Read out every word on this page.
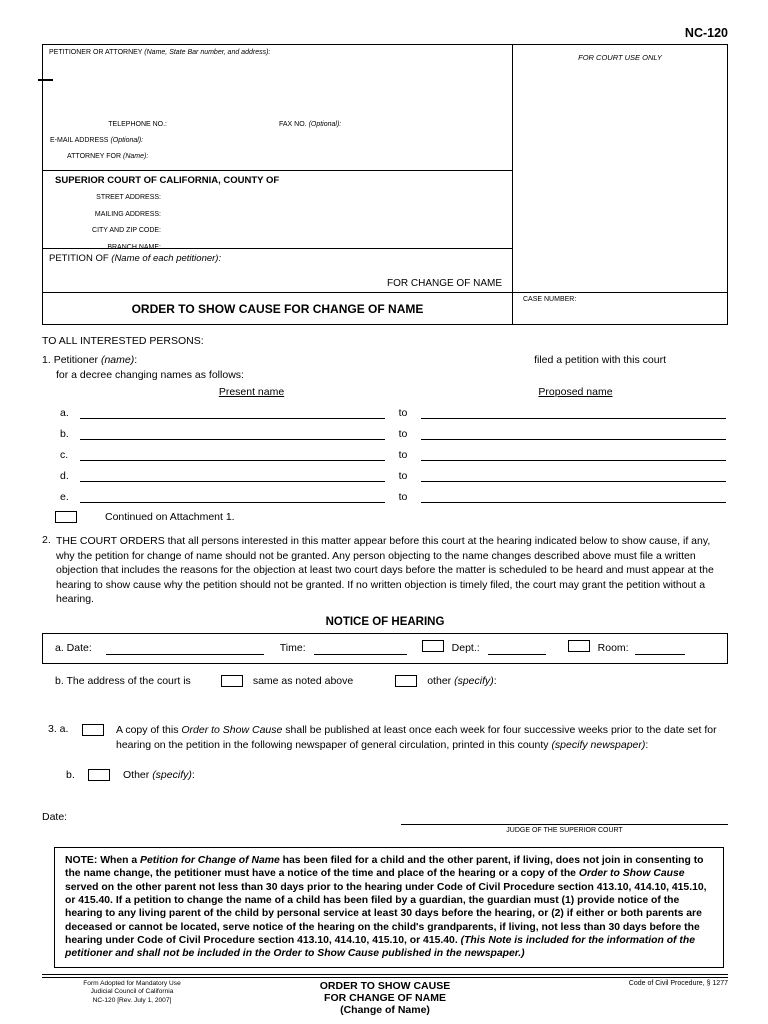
NC-120
PETITIONER OR ATTORNEY (Name, State Bar number, and address):
TELEPHONE NO.:	FAX NO. (Optional):
E-MAIL ADDRESS (Optional):
ATTORNEY FOR (Name):
SUPERIOR COURT OF CALIFORNIA, COUNTY OF
STREET ADDRESS:
MAILING ADDRESS:
CITY AND ZIP CODE:
BRANCH NAME:
PETITION OF (Name of each petitioner):
FOR CHANGE OF NAME
ORDER TO SHOW CAUSE FOR CHANGE OF NAME
FOR COURT USE ONLY
CASE NUMBER:
TO ALL INTERESTED PERSONS:
1.
Petitioner (name):	filed a petition with this court
for a decree changing names as follows:
Present name	Proposed name
a.	to
b.	to
c.	to
d.	to
e.	to
Continued on Attachment 1.
2. THE COURT ORDERS that all persons interested in this matter appear before this court at the hearing indicated below to show cause, if any, why the petition for change of name should not be granted. Any person objecting to the name changes described above must file a written objection that includes the reasons for the objection at least two court days before the matter is scheduled to be heard and must appear at the hearing to show cause why the petition should not be granted. If no written objection is timely filed, the court may grant the petition without a hearing.
NOTICE OF HEARING
a. Date:	Time:	Dept.:	Room:
b. The address of the court is	same as noted above	other (specify):
3. a.	A copy of this Order to Show Cause shall be published at least once each week for four successive weeks prior to the date set for hearing on the petition in the following newspaper of general circulation, printed in this county (specify newspaper):
b.	Other (specify):
Date:
JUDGE OF THE SUPERIOR COURT
NOTE: When a Petition for Change of Name has been filed for a child and the other parent, if living, does not join in consenting to the name change, the petitioner must have a notice of the time and place of the hearing or a copy of the Order to Show Cause served on the other parent not less than 30 days prior to the hearing under Code of Civil Procedure section 413.10, 414.10, 415.10, or 415.40. If a petition to change the name of a child has been filed by a guardian, the guardian must (1) provide notice of the hearing to any living parent of the child by personal service at least 30 days before the hearing, or (2) if either or both parents are deceased or cannot be located, serve notice of the hearing on the child's grandparents, if living, not less than 30 days before the hearing under Code of Civil Procedure section 413.10, 414.10, 415.10, or 415.40. (This Note is included for the information of the petitioner and shall not be included in the Order to Show Cause published in the newspaper.)
Form Adopted for Mandatory Use
Judicial Council of California
NC-120 [Rev. July 1, 2007]
ORDER TO SHOW CAUSE
FOR CHANGE OF NAME
(Change of Name)
Code of Civil Procedure, § 1277
